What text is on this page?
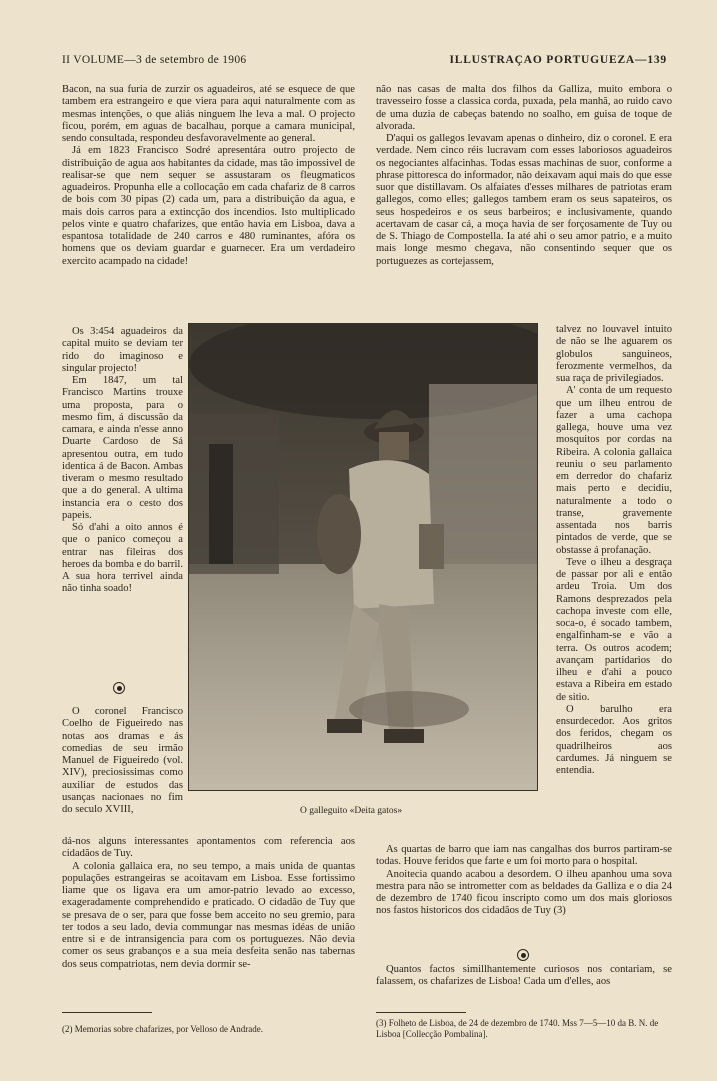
II VOLUME—3 de setembro de 1906	ILLUSTRAÇAO PORTUGUEZA—139

Bacon, na sua furia de zurzir os aguadeiros, até se esquece de que tambem era estrangeiro e que viera para aqui naturalmente com as mesmas intenções, o que aliás ninguem lhe leva a mal. O projecto ficou, porém, em aguas de bacalhau, porque a camara municipal, sendo consultada, respondeu desfavoravelmente ao general.

Já em 1823 Francisco Sodré apresentára outro projecto de distribuição de agua aos habitantes da cidade, mas tão impossivel de realisar-se que nem sequer se assustaram os fleugmaticos aguadeiros. Propunha elle a collocação em cada chafariz de 8 carros de bois com 30 pipas (2) cada um, para a distribuição da agua, e mais dois carros para a extincção dos incendios. Isto multiplicado pelos vinte e quatro chafarizes, que então havia em Lisboa, dava a espantosa totalidade de 240 carros e 480 ruminantes, afóra os homens que os deviam guardar e guarnecer. Era um verdadeiro exercito acampado na cidade!

Os 3:454 aguadeiros da capital muito se deviam ter rido do imaginoso e singular projecto!

Em 1847, um tal Francisco Martins trouxe uma proposta, para o mesmo fim, á discussão da camara, e ainda n'esse anno Duarte Cardoso de Sá apresentou outra, em tudo identica á de Bacon. Ambas tiveram o mesmo resultado que a do general. A ultima instancia era o cesto dos papeis.

Só d'ahi a oito annos é que o panico começou a entrar nas fileiras dos heroes da bomba e do barril. A sua hora terrivel ainda não tinha soado!

O coronel Francisco Coelho de Figueiredo nas notas aos dramas e ás comedias de seu irmão Manuel de Figueiredo (vol. XIV), preciosissimas como auxiliar de estudos das usanças nacionaes no fim do seculo XVIII,

dá-nos alguns interessantes apontamentos com referencia aos cidadãos de Tuy.

A colonia gallaica era, no seu tempo, a mais unida de quantas populações estrangeiras se acoitavam em Lisboa. Esse fortissimo liame que os ligava era um amor-patrio levado ao excesso, exageradamente comprehendido e praticado. O cidadão de Tuy que se presava de o ser, para que fosse bem acceito no seu gremio, para ter todos a seu lado, devia commungar nas mesmas idéas de união entre si e de intransigencia para com os portuguezes. Não devia comer os seus grabanços e a sua meia desfeita senão nas tabernas dos seus compatriotas, nem devia dormir se-

não nas casas de malta dos filhos da Galliza, muito embora o travesseiro fosse a classica corda, puxada, pela manhã, ao ruido cavo de uma duzia de cabeças batendo no soalho, em guisa de toque de alvorada.

D'aqui os gallegos levavam apenas o dinheiro, diz o coronel. E era verdade. Nem cinco réis lucravam com esses laboriosos aguadeiros os negociantes alfacinhas. Todas essas machinas de suor, conforme a phrase pittoresca do informador, não deixavam aqui mais do que esse suor que distillavam. Os alfaiates d'esses milhares de patriotas eram gallegos, como elles; gallegos tambem eram os seus sapateiros, os seus hospedeiros e os seus barbeiros; e inclusivamente, quando acertavam de casar cá, a moça havia de ser forçosamente de Tuy ou de S. Thiago de Compostella. Ia até ahi o seu amor patrio, e a muito mais longe mesmo chegava, não consentindo sequer que os portuguezes as cortejassem,

talvez no louvavel intuito de não se lhe aguarem os globulos sanguineos, ferozmente vermelhos, da sua raça de privilegiados.

A' conta de um requesto que um ilheu entrou de fazer a uma cachopa gallega, houve uma vez mosquitos por cordas na Ribeira. A colonia gallaica reuniu o seu parlamento em derredor do chafariz mais perto e decidiu, naturalmente a todo o transe, gravemente assentada nos barris pintados de verde, que se obstasse á profanação.

Teve o ilheu a desgraça de passar por ali e então ardeu Troia. Um dos Ramons desprezados pela cachopa investe com elle, soca-o, é socado tambem, engalfinham-se e vão a terra. Os outros acodem; avançam partidarios do ilheu e d'ahi a pouco estava a Ribeira em estado de sitio.

O barulho era ensurdecedor. Aos gritos dos feridos, chegam os quadrilheiros aos cardumes. Já ninguem se entendia.

As quartas de barro que iam nas cangalhas dos burros partiram-se todas. Houve feridos que farte e um foi morto para o hospital.

Anoitecia quando acabou a desordem. O ilheu apanhou uma sova mestra para não se intrometter com as beldades da Galliza e o dia 24 de dezembro de 1740 ficou inscripto como um dos mais gloriosos nos fastos historicos dos cidadãos de Tuy (3)

Quantos factos simillhantemente curiosos nos contariam, se falassem, os chafarizes de Lisboa! Cada um d'elles, aos

O galleguito «Deita gatos»
(2) Memorias sobre chafarizes, por Velloso de Andrade.
(3) Folheto de Lisboa, de 24 de dezembro de 1740. Mss 7—5—10 da B. N. de Lisboa [Collecção Pombalina].
